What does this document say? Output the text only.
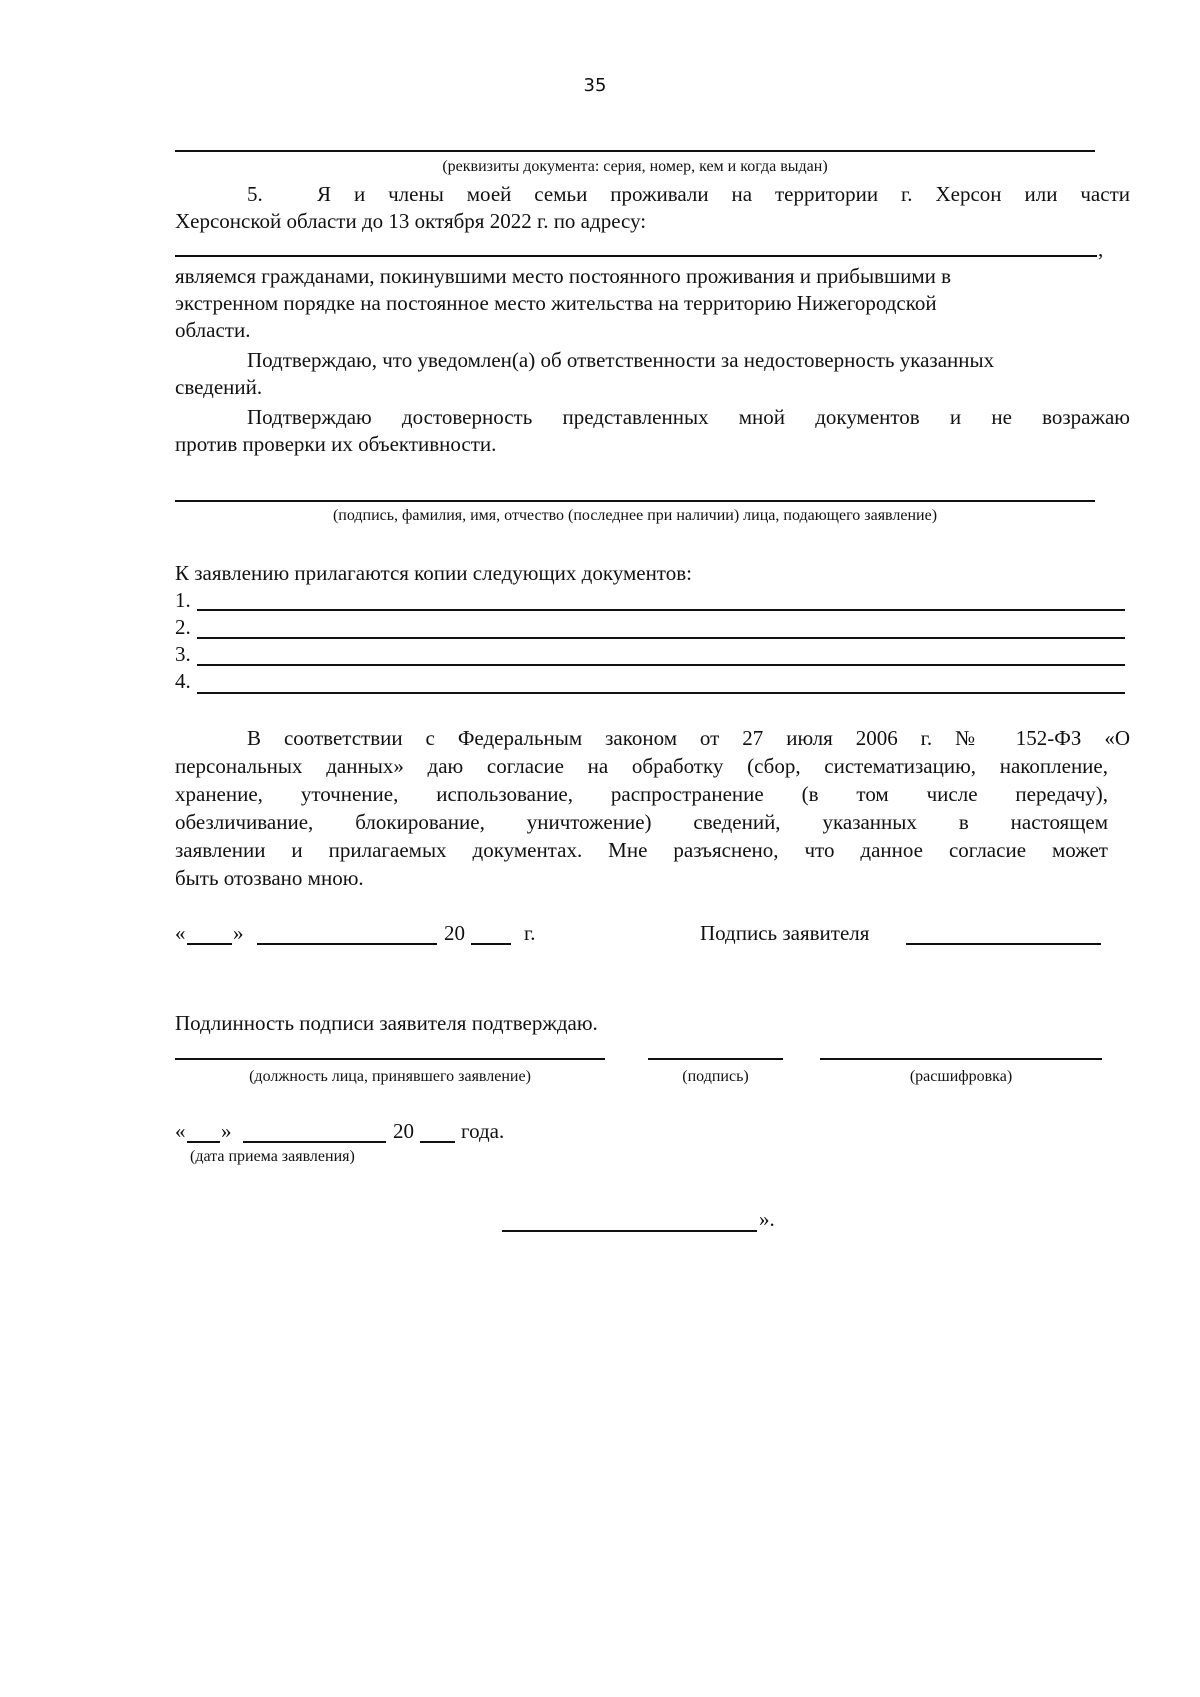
35
(реквизиты документа: серия, номер, кем и когда выдан)
5.	Я и члены моей семьи проживали на территории г. Херсон или части
Херсонской области до 13 октября 2022 г. по адресу:
,
являемся гражданами, покинувшими место постоянного проживания и прибывшими в
экстренном порядке на постоянное место жительства на территорию Нижегородской
области.
Подтверждаю, что уведомлен(а) об ответственности за недостоверность указанных
сведений.
Подтверждаю достоверность представленных мной документов и не возражаю
против проверки их объективности.
(подпись, фамилия, имя, отчество (последнее при наличии) лица, подающего заявление)
К заявлению прилагаются копии следующих документов:
1.
2.
3.
4.
В соответствии с Федеральным законом от 27 июля 2006 г. № 152-ФЗ «О
персональных данных» даю согласие на обработку (сбор, систематизацию, накопление,
хранение, уточнение, использование, распространение (в том числе передачу),
обезличивание, блокирование, уничтожение) сведений, указанных в настоящем
заявлении и прилагаемых документах. Мне разъяснено, что данное согласие может
быть отозвано мною.
« »	20	г.	Подпись заявителя
Подлинность подписи заявителя подтверждаю.
(должность лица, принявшего заявление)	(подпись)	(расшифровка)
« »	20 года.
(дата приема заявления)
».
